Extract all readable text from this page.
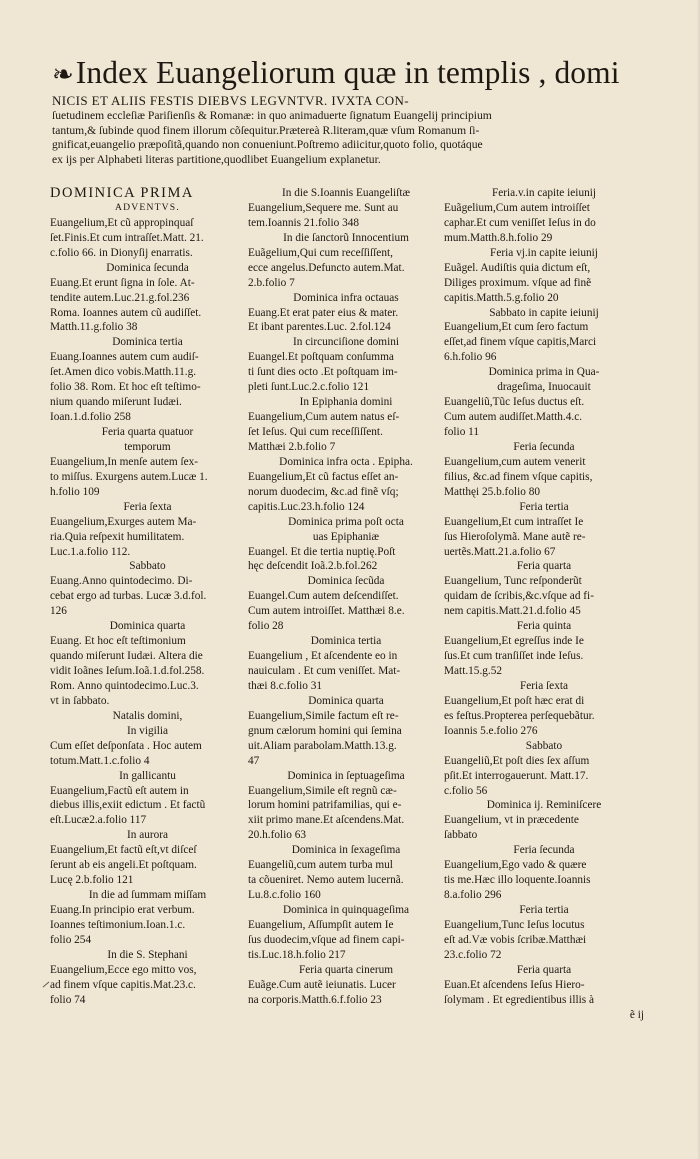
❧ Index Euangeliorum quæ in templis , domi
NICIS ET ALIIS FESTIS DIEBVS LEGVNTVR. IVXTA CON-
ſuetudinem eccleſiæ Pariſienſis & Romanæ: in quo animaduerte ſignatum Euangelij principium
tantum,& ſubinde quod finem illorum cõſequitur.Prætereà R.literam,quæ vſum Romanum ſi-
gnificat,euangelio præpoſitã,quando non conueniunt.Poſtremo adiicitur,quoto folio, quotáque
ex ijs per Alphabeti literas partitione,quodlibet Euangelium explanetur.
DOMINICA PRIMA
ADVENTVS.
Euangelium,Et cũ appropinquaſ
ſet.Finis.Et cum intraſſet.Matt. 21.
c.folio 66. in Dionyſij enarratis.
Dominica ſecunda
Euang.Et erunt ſigna in ſole. At-
tendite autem.Luc.21.g.fol.236
Roma. Ioannes autem cũ audiſſet.
Matth.11.g.folio 38
Dominica tertia
Euang.Ioannes autem cum audiſ-
ſet.Amen dico vobis.Matth.11.g.
folio 38. Rom. Et hoc eſt teſtimo-
nium quando miſerunt Iudæi.
Ioan.1.d.folio 258
Feria quarta quatuor
temporum
Euangelium,In menſe autem ſex-
to miſſus. Exurgens autem.Lucæ 1.
h.folio 109
Feria ſexta
Euangelium,Exurges autem Ma-
ria.Quia reſpexit humilitatem.
Luc.1.a.folio 112.
Sabbato
Euang.Anno quintodecimo. Di-
cebat ergo ad turbas. Lucæ 3.d.fol.
126
Dominica quarta
Euang. Et hoc eſt teſtimonium
quando miſerunt Iudæi. Altera die
vidit Ioãnes Ieſum.Ioã.1.d.fol.258.
Rom. Anno quintodecimo.Luc.3.
vt in ſabbato.
Natalis domini,
In vigilia
Cum eſſet deſponſata . Hoc autem
totum.Matt.1.c.folio 4
In gallicantu
Euangelium,Factũ eſt autem in
diebus illis,exiit edictum . Et factũ
eſt.Lucæ2.a.folio 117
In aurora
Euangelium,Et factũ eſt,vt diſceſ
ſerunt ab eis angeli.Et poſtquam.
Lucę 2.b.folio 121
In die ad ſummam miſſam
Euang.In principio erat verbum.
Ioannes teſtimonium.Ioan.1.c.
folio 254
In die S. Stephani
Euangelium,Ecce ego mitto vos,
ad finem vſque capitis.Mat.23.c.
folio 74
In die S.Ioannis Euangeliſtæ
Euangelium,Sequere me. Sunt au
tem.Ioannis 21.folio 348
In die ſanctorũ Innocentium
Euãgelium,Qui cum receſſiſſent,
ecce angelus.Defuncto autem.Mat.
2.b.folio 7
Dominica infra octauas
Euang.Et erat pater eius & mater.
Et ibant parentes.Luc. 2.fol.124
In circunciſione domini
Euangel.Et poſtquam conſumma
ti ſunt dies octo .Et poſtquam im-
pleti ſunt.Luc.2.c.folio 121
In Epiphania domini
Euangelium,Cum autem natus eſ-
ſet Ieſus. Qui cum receſſiſſent.
Matthæi 2.b.folio 7
Dominica infra octa . Epipha.
Euangelium,Et cũ factus eſſet an-
norum duodecim, &c.ad finẽ vſq;
capitis.Luc.23.h.folio 124
Dominica prima poſt octa
uas Epiphaniæ
Euangel. Et die tertia nuptię.Poſt
hęc deſcendit Ioã.2.b.fol.262
Dominica ſecũda
Euangel.Cum autem deſcendiſſet.
Cum autem introiſſet. Matthæi 8.e.
folio 28
Dominica tertia
Euangelium , Et aſcendente eo in
nauiculam . Et cum veniſſet. Mat-
thæi 8.c.folio 31
Dominica quarta
Euangelium,Simile factum eſt re-
gnum cælorum homini qui ſemina
uit.Aliam parabolam.Matth.13.g.
47
Dominica in ſeptuageſima
Euangelium,Simile eſt regnũ cæ-
lorum homini patrifamilias, qui e-
xiit primo mane.Et aſcendens.Mat.
20.h.folio 63
Dominica in ſexageſima
Euangeliũ,cum autem turba mul
ta cõueniret. Nemo autem lucernã.
Lu.8.c.folio 160
Dominica in quinquageſima
Euangelium, Aſſumpſit autem Ie
ſus duodecim,vſque ad finem capi-
tis.Luc.18.h.folio 217
Feria quarta cinerum
Euãge.Cum autẽ ieiunatis. Lucer
na corporis.Matth.6.f.folio 23
Feria.v.in capite ieiunij
Euãgelium,Cum autem introiſſet
caphar.Et cum veniſſet Ieſus in do
mum.Matth.8.h.folio 29
Feria vj.in capite ieiunij
Euãgel. Audiſtis quia dictum eſt,
Diliges proximum. vſque ad finẽ
capitis.Matth.5.g.folio 20
Sabbato in capite ieiunij
Euangelium,Et cum ſero factum
eſſet,ad finem vſque capitis,Marci
6.h.folio 96
Dominica prima in Qua-
drageſima, Inuocauit
Euangeliũ,Tũc Ieſus ductus eſt.
Cum autem audiſſet.Matth.4.c.
folio 11
Feria ſecunda
Euangelium,cum autem venerit
filius, &c.ad finem vſque capitis,
Matthęi 25.b.folio 80
Feria tertia
Euangelium,Et cum intraſſet Ie
ſus Hieroſolymã. Mane autẽ re-
uertẽs.Matt.21.a.folio 67
Feria quarta
Euangelium, Tunc reſponderũt
quidam de ſcribis,&c.vſque ad fi-
nem capitis.Matt.21.d.folio 45
Feria quinta
Euangelium,Et egreſſus inde Ie
ſus.Et cum tranſiſſet inde Ieſus.
Matt.15.g.52
Feria ſexta
Euangelium,Et poſt hæc erat di
es feſtus.Propterea perſequebãtur.
Ioannis 5.e.folio 276
Sabbato
Euangeliũ,Et poſt dies ſex aſſum
pſit.Et interrogauerunt. Matt.17.
c.folio 56
Dominica ij. Reminiſcere
Euangelium, vt in præcedente
ſabbato
Feria ſecunda
Euangelium,Ego vado & quære
tis me.Hæc illo loquente.Ioannis
8.a.folio 296
Feria tertia
Euangelium,Tunc Ieſus locutus
eſt ad.Væ vobis ſcribæ.Matthæi
23.c.folio 72
Feria quarta
Euan.Et aſcendens Ieſus Hiero-
ſolymam . Et egredientibus illis à
ẽ ij
